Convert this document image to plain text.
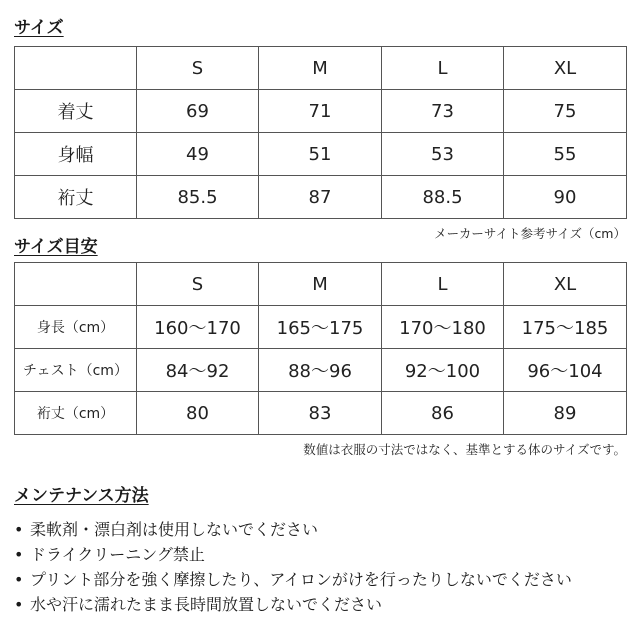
サイズ
	S	M	L	XL
着丈	69	71	73	75
身幅	49	51	53	55
裄丈	85.5	87	88.5	90
メーカーサイト参考サイズ（cm）
サイズ目安
	S	M	L	XL
身長（cm）	160～170	165～175	170～180	175～185
チェスト（cm）	84～92	88～96	92～100	96～104
裄丈（cm）	80	83	86	89
数値は衣服の寸法ではなく、基準とする体のサイズです。
メンテナンス方法
• 柔軟剤・漂白剤は使用しないでください
• ドライクリーニング禁止
• プリント部分を強く摩擦したり、アイロンがけを行ったりしないでください
• 水や汗に濡れたまま長時間放置しないでください
